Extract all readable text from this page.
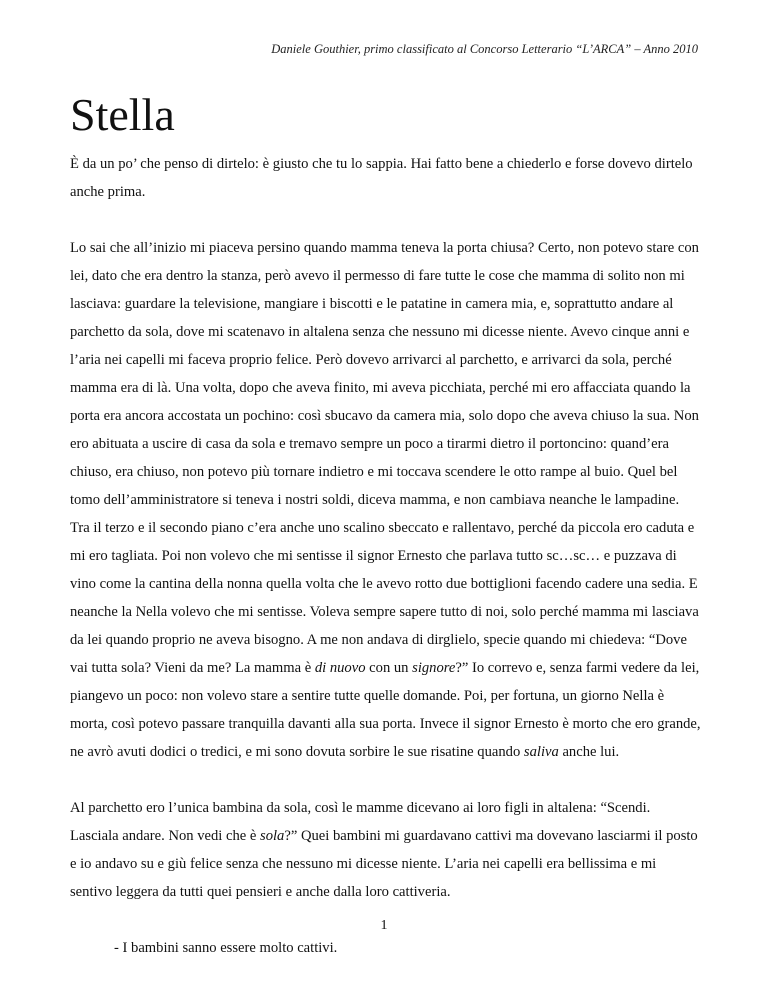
Daniele Gouthier, primo classificato al Concorso Letterario “L’ARCA” – Anno 2010
Stella

È da un po’ che penso di dirtelo: è giusto che tu lo sappia. Hai fatto bene a chiederlo e forse dovevo dirtelo anche prima.

Lo sai che all’inizio mi piaceva persino quando mamma teneva la porta chiusa? Certo, non potevo stare con lei, dato che era dentro la stanza, però avevo il permesso di fare tutte le cose che mamma di solito non mi lasciava: guardare la televisione, mangiare i biscotti e le patatine in camera mia, e, soprattutto andare al parchetto da sola, dove mi scatenavo in altalena senza che nessuno mi dicesse niente. Avevo cinque anni e l’aria nei capelli mi faceva proprio felice. Però dovevo arrivarci al parchetto, e arrivarci da sola, perché mamma era di là. Una volta, dopo che aveva finito, mi aveva picchiata, perché mi ero affacciata quando la porta era ancora accostata un pochino: così sbucavo da camera mia, solo dopo che aveva chiuso la sua. Non ero abituata a uscire di casa da sola e tremavo sempre un poco a tirarmi dietro il portoncino: quand’era chiuso, era chiuso, non potevo più tornare indietro e mi toccava scendere le otto rampe al buio. Quel bel tomo dell’amministratore si teneva i nostri soldi, diceva mamma, e non cambiava neanche le lampadine. Tra il terzo e il secondo piano c’era anche uno scalino sbeccato e rallentavo, perché da piccola ero caduta e mi ero tagliata. Poi non volevo che mi sentisse il signor Ernesto che parlava tutto sc…sc… e puzzava di vino come la cantina della nonna quella volta che le avevo rotto due bottiglioni facendo cadere una sedia. E neanche la Nella volevo che mi sentisse. Voleva sempre sapere tutto di noi, solo perché mamma mi lasciava da lei quando proprio ne aveva bisogno. A me non andava di dirglielo, specie quando mi chiedeva: “Dove vai tutta sola? Vieni da me? La mamma è di nuovo con un signore?” Io correvo e, senza farmi vedere da lei, piangevo un poco: non volevo stare a sentire tutte quelle domande. Poi, per fortuna, un giorno Nella è morta, così potevo passare tranquilla davanti alla sua porta. Invece il signor Ernesto è morto che ero grande, ne avrò avuti dodici o tredici, e mi sono dovuta sorbire le sue risatine quando saliva anche lui.

Al parchetto ero l’unica bambina da sola, così le mamme dicevano ai loro figli in altalena: “Scendi. Lasciala andare. Non vedi che è sola?” Quei bambini mi guardavano cattivi ma dovevano lasciarmi il posto e io andavo su e giù felice senza che nessuno mi dicesse niente. L’aria nei capelli era bellissima e mi sentivo leggera da tutti quei pensieri e anche dalla loro cattiveria.

- I bambini sanno essere molto cattivi.

1
